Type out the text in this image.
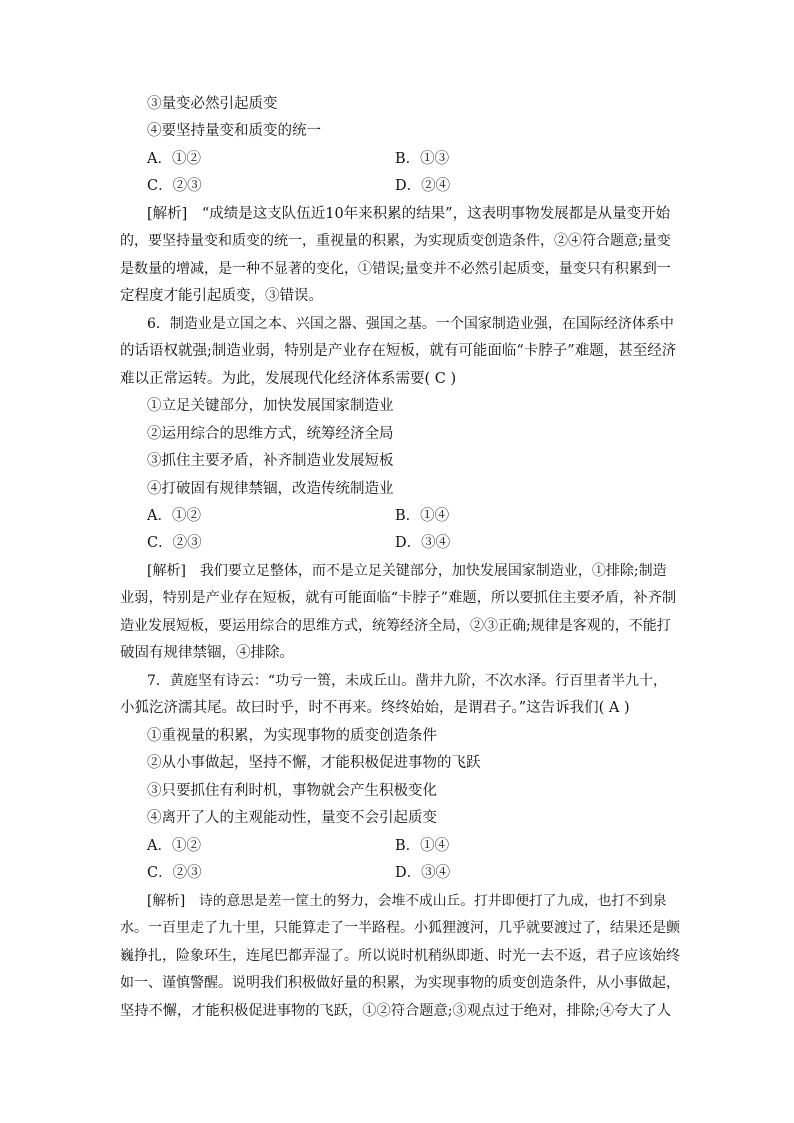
③量变必然引起质变
④要坚持量变和质变的统一
A．①②	B．①③
C．②③	D．②④
[解析]　“成绩是这支队伍近10年来积累的结果”，这表明事物发展都是从量变开始
的，要坚持量变和质变的统一，重视量的积累，为实现质变创造条件，②④符合题意;量变
是数量的增减，是一种不显著的变化，①错误;量变并不必然引起质变，量变只有积累到一
定程度才能引起质变，③错误。
6．制造业是立国之本、兴国之器、强国之基。一个国家制造业强，在国际经济体系中
的话语权就强;制造业弱，特别是产业存在短板，就有可能面临“卡脖子”难题，甚至经济
难以正常运转。为此，发展现代化经济体系需要( C )
①立足关键部分，加快发展国家制造业
②运用综合的思维方式，统筹经济全局
③抓住主要矛盾，补齐制造业发展短板
④打破固有规律禁锢，改造传统制造业
A．①②	B．①④
C．②③	D．③④
[解析]　我们要立足整体，而不是立足关键部分，加快发展国家制造业，①排除;制造
业弱，特别是产业存在短板，就有可能面临“卡脖子”难题，所以要抓住主要矛盾，补齐制
造业发展短板，要运用综合的思维方式，统筹经济全局，②③正确;规律是客观的，不能打
破固有规律禁锢，④排除。
7．黄庭坚有诗云：“功亏一篑，未成丘山。凿井九阶，不次水泽。行百里者半九十，
小狐汔济濡其尾。故曰时乎，时不再来。终终始始，是谓君子。”这告诉我们( A )
①重视量的积累，为实现事物的质变创造条件
②从小事做起，坚持不懈，才能积极促进事物的飞跃
③只要抓住有利时机，事物就会产生积极变化
④离开了人的主观能动性，量变不会引起质变
A．①②	B．①④
C．②③	D．③④
[解析]　诗的意思是差一筐土的努力，会堆不成山丘。打井即便打了九成，也打不到泉
水。一百里走了九十里，只能算走了一半路程。小狐狸渡河，几乎就要渡过了，结果还是颤
巍挣扎，险象环生，连尾巴都弄湿了。所以说时机稍纵即逝、时光一去不返，君子应该始终
如一、谨慎警醒。说明我们积极做好量的积累，为实现事物的质变创造条件，从小事做起，
坚持不懈，才能积极促进事物的飞跃，①②符合题意;③观点过于绝对，排除;④夸大了人
